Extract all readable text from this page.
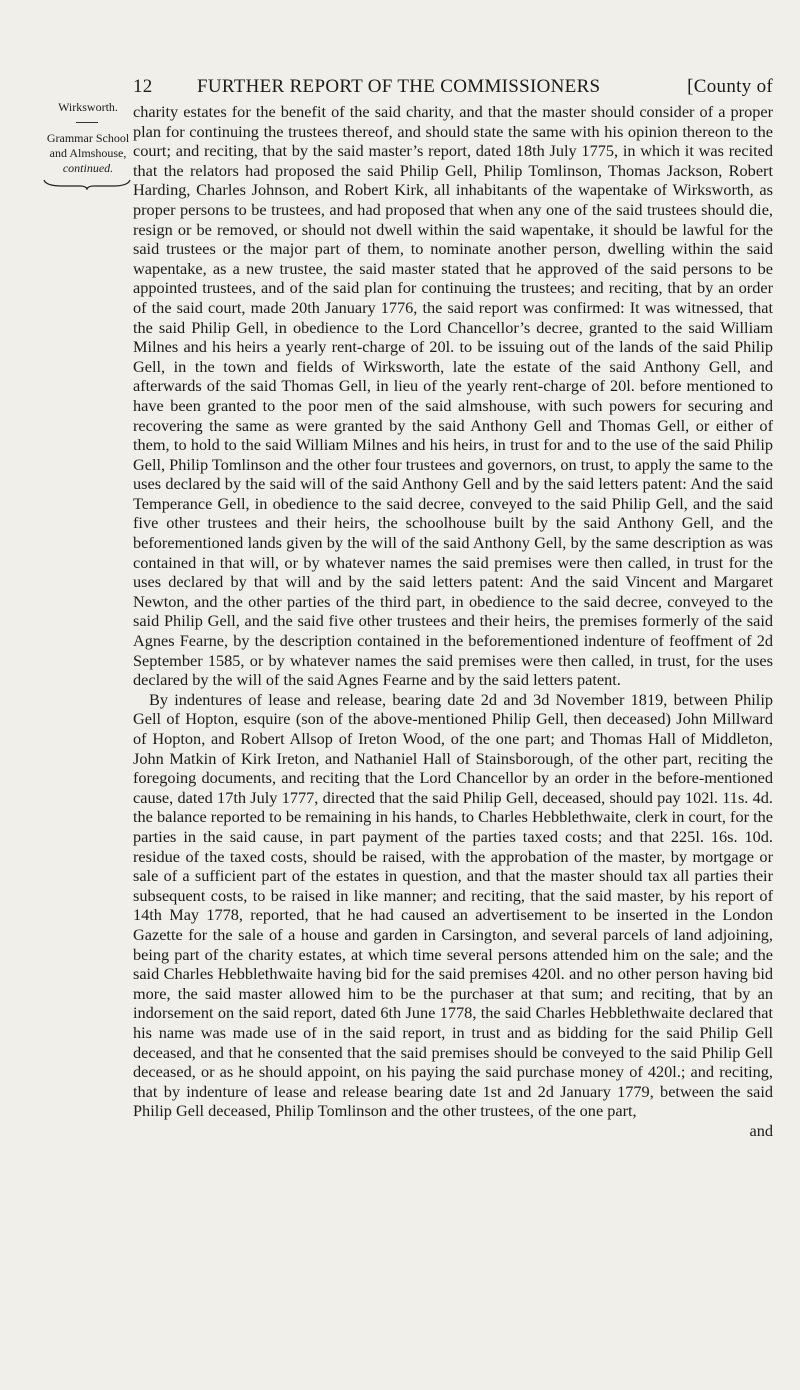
12 FURTHER REPORT OF THE COMMISSIONERS	[County of
Wirksworth.
Grammar School
and Almshouse,
continued.

charity estates for the benefit of the said charity, and that the master should consider of a proper plan for continuing the trustees thereof, and should state the same with his opinion thereon to the court; and reciting, that by the said master’s report, dated 18th July 1775, in which it was recited that the relators had proposed the said Philip Gell, Philip Tomlinson, Thomas Jackson, Robert Harding, Charles Johnson, and Robert Kirk, all inhabitants of the wapentake of Wirksworth, as proper persons to be trustees, and had proposed that when any one of the said trustees should die, resign or be removed, or should not dwell within the said wapentake, it should be lawful for the said trustees or the major part of them, to nominate another person, dwelling within the said wapentake, as a new trustee, the said master stated that he approved of the said persons to be appointed trustees, and of the said plan for continuing the trustees; and reciting, that by an order of the said court, made 20th January 1776, the said report was confirmed: It was witnessed, that the said Philip Gell, in obedience to the Lord Chancellor’s decree, granted to the said William Milnes and his heirs a yearly rent-charge of 20l. to be issuing out of the lands of the said Philip Gell, in the town and fields of Wirksworth, late the estate of the said Anthony Gell, and afterwards of the said Thomas Gell, in lieu of the yearly rent-charge of 20l. before mentioned to have been granted to the poor men of the said almshouse, with such powers for securing and recovering the same as were granted by the said Anthony Gell and Thomas Gell, or either of them, to hold to the said William Milnes and his heirs, in trust for and to the use of the said Philip Gell, Philip Tomlinson and the other four trustees and governors, on trust, to apply the same to the uses declared by the said will of the said Anthony Gell and by the said letters patent: And the said Temperance Gell, in obedience to the said decree, conveyed to the said Philip Gell, and the said five other trustees and their heirs, the schoolhouse built by the said Anthony Gell, and the beforementioned lands given by the will of the said Anthony Gell, by the same description as was contained in that will, or by whatever names the said premises were then called, in trust for the uses declared by that will and by the said letters patent: And the said Vincent and Margaret Newton, and the other parties of the third part, in obedience to the said decree, conveyed to the said Philip Gell, and the said five other trustees and their heirs, the premises formerly of the said Agnes Fearne, by the description contained in the beforementioned indenture of feoffment of 2d September 1585, or by whatever names the said premises were then called, in trust, for the uses declared by the will of the said Agnes Fearne and by the said letters patent.

By indentures of lease and release, bearing date 2d and 3d November 1819, between Philip Gell of Hopton, esquire (son of the above-mentioned Philip Gell, then deceased) John Millward of Hopton, and Robert Allsop of Ireton Wood, of the one part; and Thomas Hall of Middleton, John Matkin of Kirk Ireton, and Nathaniel Hall of Stainsborough, of the other part, reciting the foregoing documents, and reciting that the Lord Chancellor by an order in the before-mentioned cause, dated 17th July 1777, directed that the said Philip Gell, deceased, should pay 102l. 11s. 4d. the balance reported to be remaining in his hands, to Charles Hebblethwaite, clerk in court, for the parties in the said cause, in part payment of the parties taxed costs; and that 225l. 16s. 10d. residue of the taxed costs, should be raised, with the approbation of the master, by mortgage or sale of a sufficient part of the estates in question, and that the master should tax all parties their subsequent costs, to be raised in like manner; and reciting, that the said master, by his report of 14th May 1778, reported, that he had caused an advertisement to be inserted in the London Gazette for the sale of a house and garden in Carsington, and several parcels of land adjoining, being part of the charity estates, at which time several persons attended him on the sale; and the said Charles Hebblethwaite having bid for the said premises 420l. and no other person having bid more, the said master allowed him to be the purchaser at that sum; and reciting, that by an indorsement on the said report, dated 6th June 1778, the said Charles Hebblethwaite declared that his name was made use of in the said report, in trust and as bidding for the said Philip Gell deceased, and that he consented that the said premises should be conveyed to the said Philip Gell deceased, or as he should appoint, on his paying the said purchase money of 420l.; and reciting, that by indenture of lease and release bearing date 1st and 2d January 1779, between the said Philip Gell deceased, Philip Tomlinson and the other trustees, of the one part,

and
